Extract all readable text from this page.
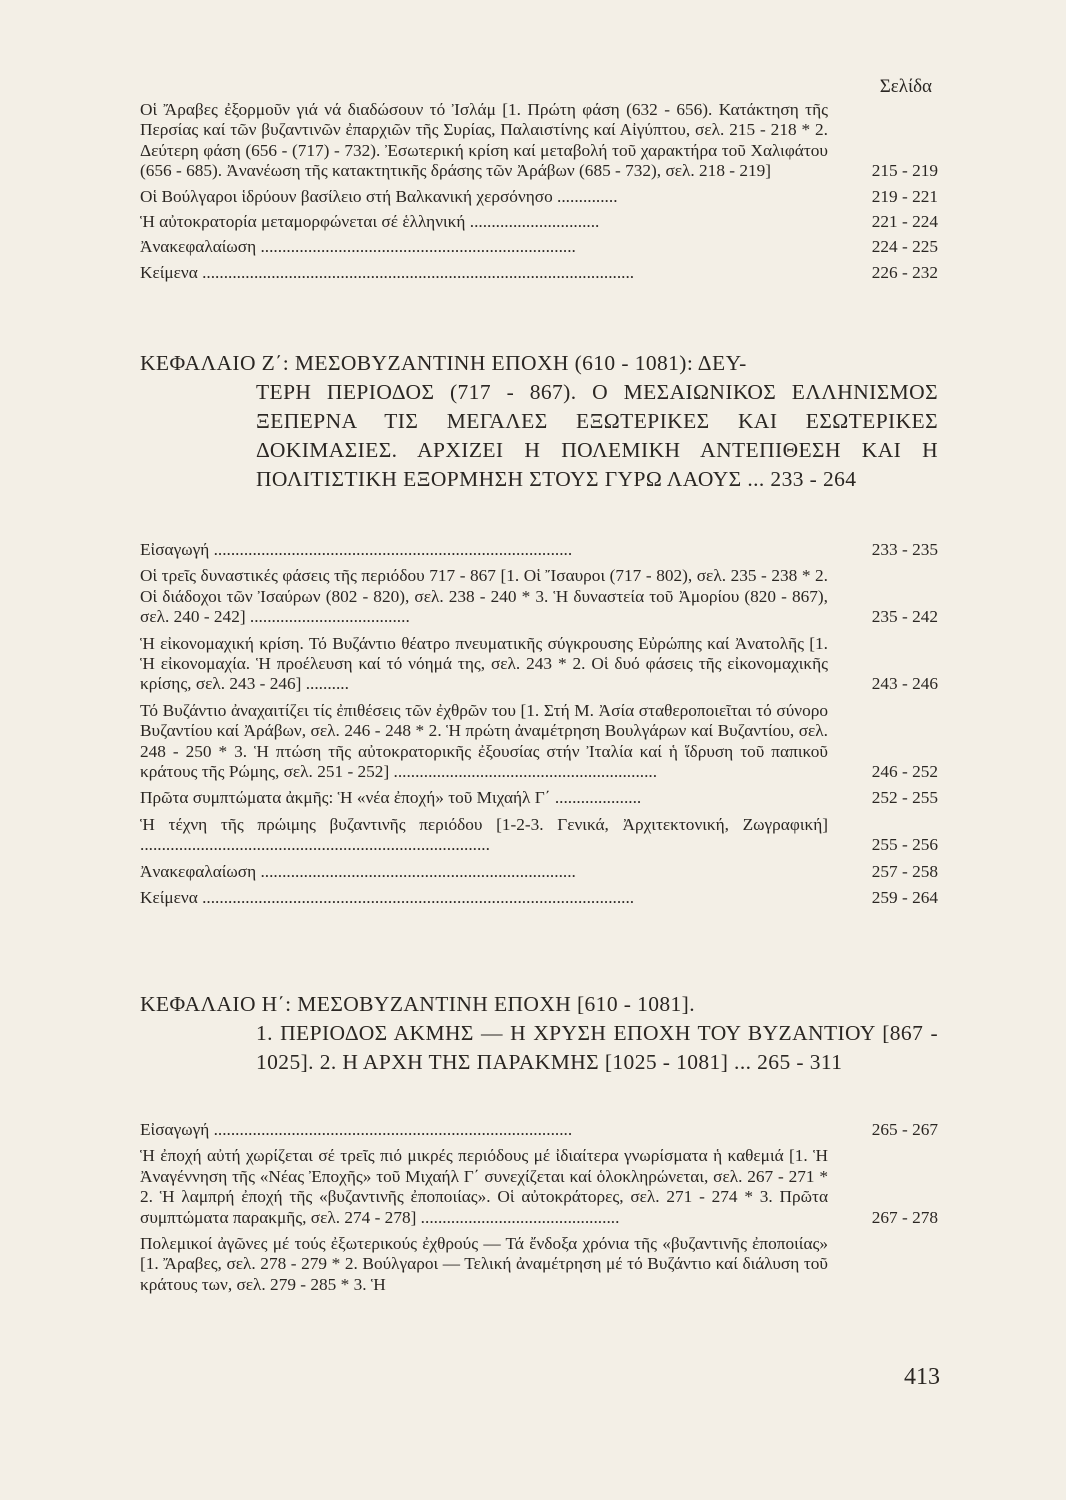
Σελίδα
Οἱ Ἄραβες ἐξορμοῦν γιά νά διαδώσουν τό Ἰσλάμ [1. Πρώτη φάση (632 - 656). Κατάκτηση τῆς Περσίας καί τῶν βυζαντινῶν ἐπαρχιῶν τῆς Συρίας, Παλαιστίνης καί Αἰγύπτου, σελ. 215 - 218 * 2. Δεύτερη φάση (656 - (717) - 732). Ἐσωτερική κρίση καί μεταβολή τοῦ χαρακτήρα τοῦ Χαλιφάτου (656 - 685). Ἀνανέωση τῆς κατακτητικῆς δράσης τῶν Ἀράβων (685 - 732), σελ. 218 - 219]	215 - 219
Οἱ Βούλγαροι ἱδρύουν βασίλειο στή Βαλκανική χερσόνησο ..............	219 - 221
Ἡ αὐτοκρατορία μεταμορφώνεται σέ ἑλληνική ..............................	221 - 224
Ἀνακεφαλαίωση .........................................................................	224 - 225
Κείμενα ....................................................................................................	226 - 232
ΚΕΦΑΛΑΙΟ Ζ΄: ΜΕΣΟΒΥΖΑΝΤΙΝΗ ΕΠΟΧΗ (610 - 1081): ΔΕΥ-
ΤΕΡΗ ΠΕΡΙΟΔΟΣ (717 - 867). Ο ΜΕΣΑΙΩΝΙΚΟΣ ΕΛΛΗΝΙΣΜΟΣ ΞΕΠΕΡΝΑ ΤΙΣ ΜΕΓΑΛΕΣ ΕΞΩΤΕΡΙΚΕΣ ΚΑΙ ΕΣΩΤΕΡΙΚΕΣ ΔΟΚΙΜΑΣΙΕΣ. ΑΡΧΙΖΕΙ Η ΠΟΛΕΜΙΚΗ ΑΝΤΕΠΙΘΕΣΗ ΚΑΙ Η ΠΟΛΙΤΙΣΤΙΚΗ ΕΞΟΡΜΗΣΗ ΣΤΟΥΣ ΓΥΡΩ ΛΑΟΥΣ ... 233 - 264
Εἰσαγωγή ...................................................................................	233 - 235
Οἱ τρεῖς δυναστικές φάσεις τῆς περιόδου 717 - 867 [1. Οἱ Ἴσαυροι (717 - 802), σελ. 235 - 238 * 2. Οἱ διάδοχοι τῶν Ἰσαύρων (802 - 820), σελ. 238 - 240 * 3. Ἡ δυναστεία τοῦ Ἀμορίου (820 - 867), σελ. 240 - 242] .....................................	235 - 242
Ἡ εἰκονομαχική κρίση. Τό Βυζάντιο θέατρο πνευματικῆς σύγκρουσης Εὐρώπης καί Ἀνατολῆς [1. Ἡ εἰκονομαχία. Ἡ προέλευση καί τό νόημά της, σελ. 243 * 2. Οἱ δυό φάσεις τῆς εἰκονομαχικῆς κρίσης, σελ. 243 - 246] ..........	243 - 246
Τό Βυζάντιο ἀναχαιτίζει τίς ἐπιθέσεις τῶν ἐχθρῶν του [1. Στή Μ. Ἀσία σταθεροποιεῖται τό σύνορο Βυζαντίου καί Ἀράβων, σελ. 246 - 248 * 2. Ἡ πρώτη ἀναμέτρηση Βουλγάρων καί Βυζαντίου, σελ. 248 - 250 * 3. Ἡ πτώση τῆς αὐτοκρατορικῆς ἐξουσίας στήν Ἰταλία καί ἡ ἵδρυση τοῦ παπικοῦ κράτους τῆς Ρώμης, σελ. 251 - 252] .............................................................	246 - 252
Πρῶτα συμπτώματα ἀκμῆς: Ἡ «νέα ἐποχή» τοῦ Μιχαήλ Γ΄ ....................	252 - 255
Ἡ τέχνη τῆς πρώιμης βυζαντινῆς περιόδου [1-2-3. Γενικά, Ἀρχιτεκτονική, Ζωγραφική] .................................................................................	255 - 256
Ἀνακεφαλαίωση .........................................................................	257 - 258
Κείμενα ....................................................................................................	259 - 264
ΚΕΦΑΛΑΙΟ Η΄: ΜΕΣΟΒΥΖΑΝΤΙΝΗ ΕΠΟΧΗ [610 - 1081].
1. ΠΕΡΙΟΔΟΣ ΑΚΜΗΣ — Η ΧΡΥΣΗ ΕΠΟΧΗ ΤΟΥ ΒΥΖΑΝΤΙΟΥ [867 - 1025]. 2. Η ΑΡΧΗ ΤΗΣ ΠΑΡΑΚΜΗΣ [1025 - 1081] ... 265 - 311
Εἰσαγωγή ...................................................................................	265 - 267
Ἡ ἐποχή αὐτή χωρίζεται σέ τρεῖς πιό μικρές περιόδους μέ ἰδιαίτερα γνωρίσματα ἡ καθεμιά [1. Ἡ Ἀναγέννηση τῆς «Νέας Ἐποχῆς» τοῦ Μιχαήλ Γ΄ συνεχίζεται καί ὁλοκληρώνεται, σελ. 267 - 271 * 2. Ἡ λαμπρή ἐποχή τῆς «βυζαντινῆς ἐποποιίας». Οἱ αὐτοκράτορες, σελ. 271 - 274 * 3. Πρῶτα συμπτώματα παρακμῆς, σελ. 274 - 278] ..............................................	267 - 278
Πολεμικοί ἀγῶνες μέ τούς ἐξωτερικούς ἐχθρούς — Τά ἔνδοξα χρόνια τῆς «βυζαντινῆς ἐποποιίας» [1. Ἄραβες, σελ. 278 - 279 * 2. Βούλγαροι — Τελική ἀναμέτρηση μέ τό Βυζάντιο καί διάλυση τοῦ κράτους των, σελ. 279 - 285 * 3. Ἡ
413
